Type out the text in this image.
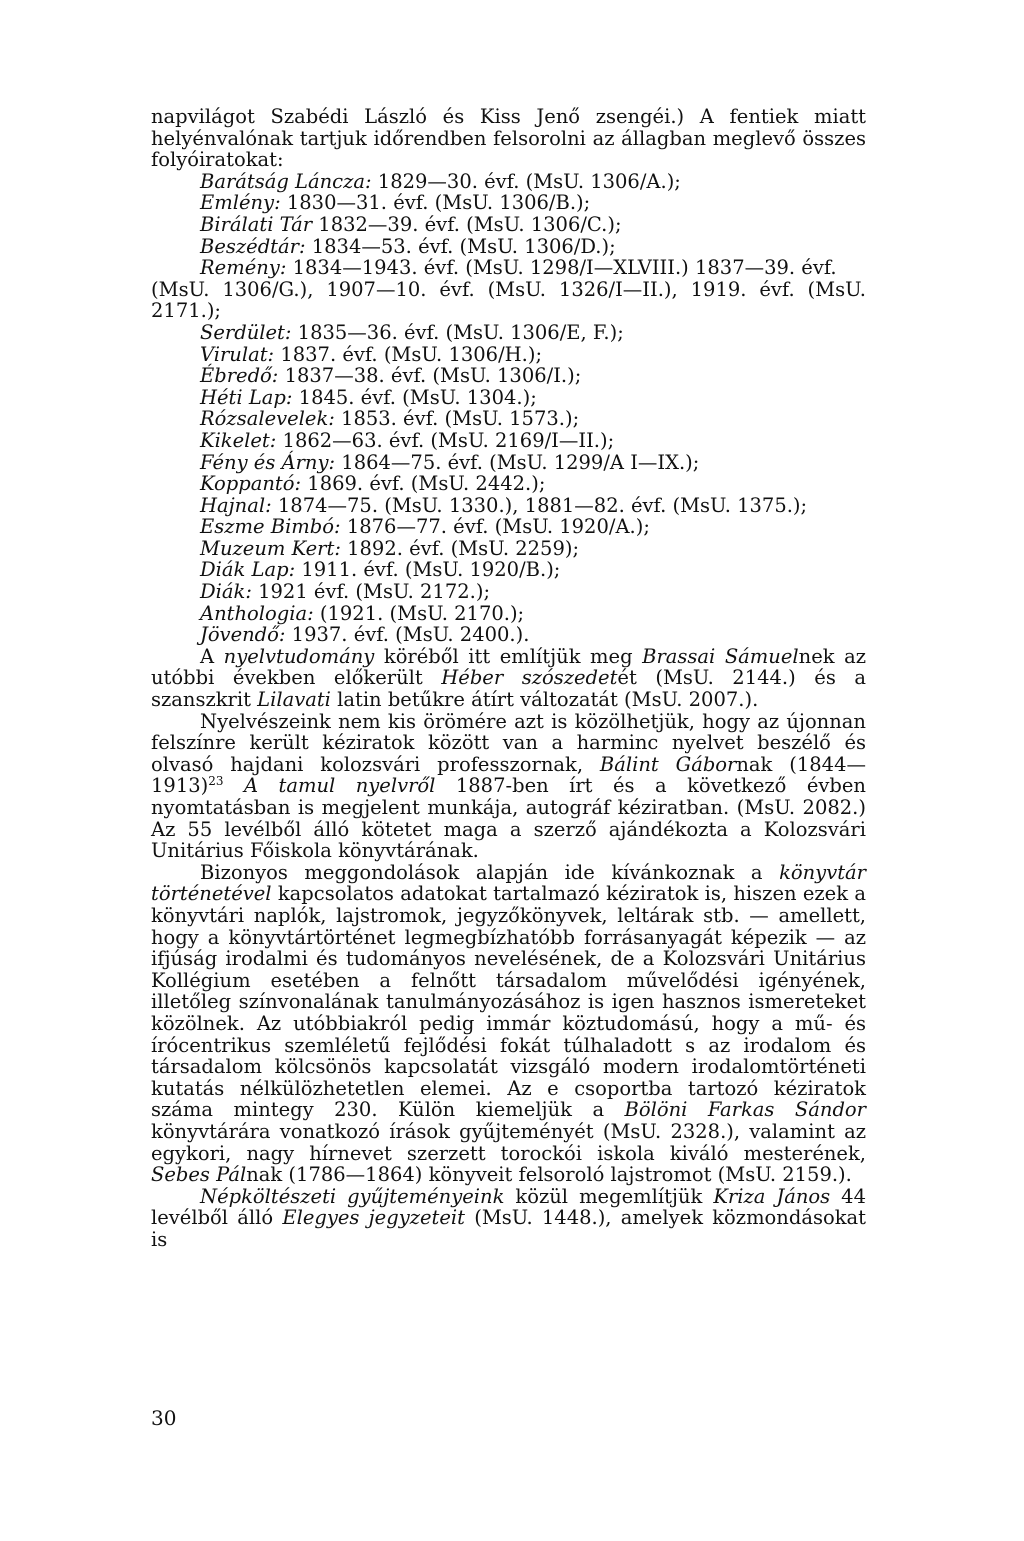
napvilágot Szabédi László és Kiss Jenő zsengéi.) A fentiek miatt helyénvalónak tartjuk időrendben felsorolni az állagban meglevő összes folyóiratokat:

Barátság Láncza: 1829—30. évf. (MsU. 1306/A.);
Emlény: 1830—31. évf. (MsU. 1306/B.);
Birálati Tár 1832—39. évf. (MsU. 1306/C.);
Beszédtár: 1834—53. évf. (MsU. 1306/D.);
Remény: 1834—1943. évf. (MsU. 1298/I—XLVIII.) 1837—39. évf.
(MsU. 1306/G.), 1907—10. évf. (MsU. 1326/I—II.), 1919. évf. (MsU. 2171.);
Serdület: 1835—36. évf. (MsU. 1306/E, F.);
Virulat: 1837. évf. (MsU. 1306/H.);
Ébredő: 1837—38. évf. (MsU. 1306/I.);
Héti Lap: 1845. évf. (MsU. 1304.);
Rózsalevelek: 1853. évf. (MsU. 1573.);
Kikelet: 1862—63. évf. (MsU. 2169/I—II.);
Fény és Árny: 1864—75. évf. (MsU. 1299/A I—IX.);
Koppantó: 1869. évf. (MsU. 2442.);
Hajnal: 1874—75. (MsU. 1330.), 1881—82. évf. (MsU. 1375.);
Eszme Bimbó: 1876—77. évf. (MsU. 1920/A.);
Muzeum Kert: 1892. évf. (MsU. 2259);
Diák Lap: 1911. évf. (MsU. 1920/B.);
Diák: 1921 évf. (MsU. 2172.);
Anthologia: (1921. (MsU. 2170.);
Jövendő: 1937. évf. (MsU. 2400.).

A nyelvtudomány köréből itt említjük meg Brassai Sámuelnek az utóbbi években előkerült Héber szószedetét (MsU. 2144.) és a szanszkrit Lilavati latin betűkre átírt változatát (MsU. 2007.).

Nyelvészeink nem kis örömére azt is közölhetjük, hogy az újonnan felszínre került kéziratok között van a harminc nyelvet beszélő és olvasó hajdani kolozsvári professzornak, Bálint Gábornak (1844—1913)$^{23}$ A tamul nyelvről 1887-ben írt és a következő évben nyomtatásban is megjelent munkája, autográf kéziratban. (MsU. 2082.) Az 55 levélből álló kötetet maga a szerző ajándékozta a Kolozsvári Unitárius Főiskola könyvtárának.

Bizonyos meggondolások alapján ide kívánkoznak a könyvtár történetével kapcsolatos adatokat tartalmazó kéziratok is, hiszen ezek a könyvtári naplók, lajstromok, jegyzőkönyvek, leltárak stb. — amellett, hogy a könyvtártörténet legmegbízhatóbb forrásanyagát képezik — az ifjúság irodalmi és tudományos nevelésének, de a Kolozsvári Unitárius Kollégium esetében a felnőtt társadalom művelődési igényének, illetőleg színvonalának tanulmányozásához is igen hasznos ismereteket közölnek. Az utóbbiakról pedig immár köztudomású, hogy a mű- és írócentrikus szemléletű fejlődési fokát túlhaladott s az irodalom és társadalom kölcsönös kapcsolatát vizsgáló modern irodalomtörténeti kutatás nélkülözhetetlen elemei. Az e csoportba tartozó kéziratok száma mintegy 230. Külön kiemeljük a Bölöni Farkas Sándor könyvtárára vonatkozó írások gyűjteményét (MsU. 2328.), valamint az egykori, nagy hírnevet szerzett torockói iskola kiváló mesterének, Sebes Pálnak (1786—1864) könyveit felsoroló lajstromot (MsU. 2159.).

Népköltészeti gyűjteményeink közül megemlítjük Kriza János 44 levélből álló Elegyes jegyzeteit (MsU. 1448.), amelyek közmondásokat is

30
